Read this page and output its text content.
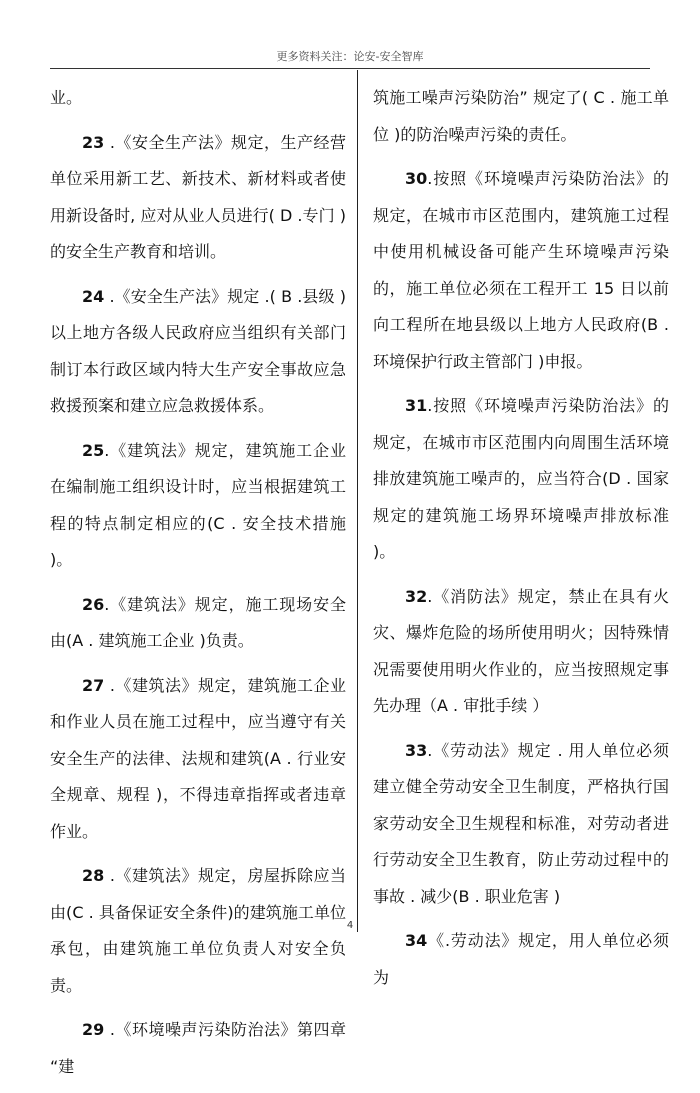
更多资料关注：论安-安全智库

业。

23 .《安全生产法》规定，生产经营单位采用新工艺、新技术、新材料或者使用新设备时, 应对从业人员进行( D .专门 )的安全生产教育和培训。

24 .《安全生产法》规定 .( B .县级 )以上地方各级人民政府应当组织有关部门制订本行政区域内特大生产安全事故应急救援预案和建立应急救援体系。

25.《建筑法》规定，建筑施工企业在编制施工组织设计时，应当根据建筑工程的特点制定相应的(C . 安全技术措施 )。

26.《建筑法》规定，施工现场安全由(A . 建筑施工企业 )负责。

27 .《建筑法》规定，建筑施工企业和作业人员在施工过程中，应当遵守有关安全生产的法律、法规和建筑(A . 行业安全规章、规程 )，不得违章指挥或者违章作业。

28 .《建筑法》规定，房屋拆除应当由(C . 具备保证安全条件)的建筑施工单位承包，由建筑施工单位负责人对安全负责。

29 .《环境噪声污染防治法》第四章 “建

筑施工噪声污染防治” 规定了( C . 施工单位 )的防治噪声污染的责任。

30.按照《环境噪声污染防治法》的规定，在城市市区范围内，建筑施工过程中使用机械设备可能产生环境噪声污染的，施工单位必须在工程开工 15 日以前向工程所在地县级以上地方人民政府(B . 环境保护行政主管部门 )申报。

31.按照《环境噪声污染防治法》的规定，在城市市区范围内向周围生活环境排放建筑施工噪声的，应当符合(D . 国家规定的建筑施工场界环境噪声排放标准 )。

32.《消防法》规定，禁止在具有火灾、爆炸危险的场所使用明火；因特殊情况需要使用明火作业的，应当按照规定事先办理（A . 审批手续 ）

33.《劳动法》规定 . 用人单位必须建立健全劳动安全卫生制度，严格执行国家劳动安全卫生规程和标准，对劳动者进行劳动安全卫生教育，防止劳动过程中的事故 . 减少(B . 职业危害 )

34《.劳动法》规定，用人单位必须为

4
